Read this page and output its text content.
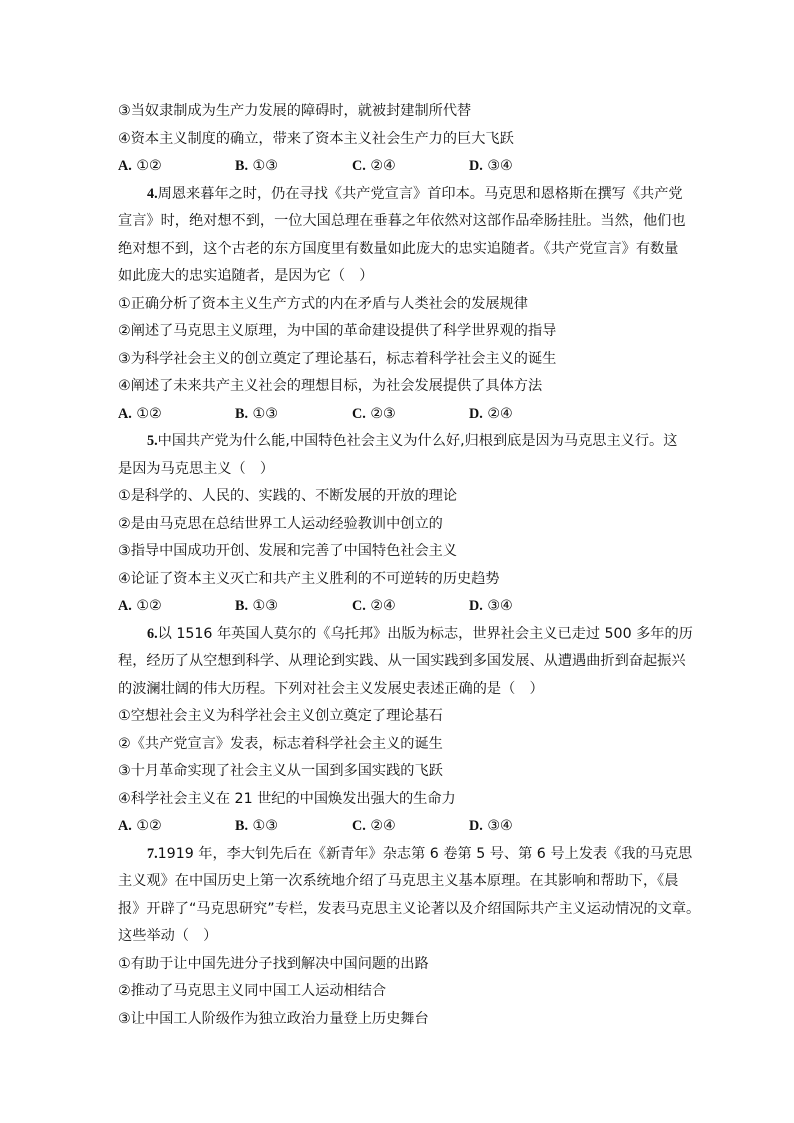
③当奴隶制成为生产力发展的障碍时，就被封建制所代替
④资本主义制度的确立，带来了资本主义社会生产力的巨大飞跃
A. ①②	B. ①③	C. ②④	D. ③④
4.周恩来暮年之时，仍在寻找《共产党宣言》首印本。马克思和恩格斯在撰写《共产党
宣言》时，绝对想不到，一位大国总理在垂暮之年依然对这部作品牵肠挂肚。当然，他们也
绝对想不到，这个古老的东方国度里有数量如此庞大的忠实追随者。《共产党宣言》有数量
如此庞大的忠实追随者，是因为它（　）
①正确分析了资本主义生产方式的内在矛盾与人类社会的发展规律
②阐述了马克思主义原理，为中国的革命建设提供了科学世界观的指导
③为科学社会主义的创立奠定了理论基石，标志着科学社会主义的诞生
④阐述了未来共产主义社会的理想目标，为社会发展提供了具体方法
A. ①②	B. ①③	C. ②③	D. ②④
5.中国共产党为什么能,中国特色社会主义为什么好,归根到底是因为马克思主义行。这
是因为马克思主义（　）
①是科学的、人民的、实践的、不断发展的开放的理论
②是由马克思在总结世界工人运动经验教训中创立的
③指导中国成功开创、发展和完善了中国特色社会主义
④论证了资本主义灭亡和共产主义胜利的不可逆转的历史趋势
A. ①②	B. ①③	C. ②④	D. ③④
6.以 1516 年英国人莫尔的《乌托邦》出版为标志，世界社会主义已走过 500 多年的历
程，经历了从空想到科学、从理论到实践、从一国实践到多国发展、从遭遇曲折到奋起振兴
的波澜壮阔的伟大历程。下列对社会主义发展史表述正确的是（　）
①空想社会主义为科学社会主义创立奠定了理论基石
②《共产党宣言》发表，标志着科学社会主义的诞生
③十月革命实现了社会主义从一国到多国实践的飞跃
④科学社会主义在 21 世纪的中国焕发出强大的生命力
A. ①②	B. ①③	C. ②④	D. ③④
7.1919 年，李大钊先后在《新青年》杂志第 6 卷第 5 号、第 6 号上发表《我的马克思
主义观》在中国历史上第一次系统地介绍了马克思主义基本原理。在其影响和帮助下，《晨
报》开辟了“马克思研究”专栏，发表马克思主义论著以及介绍国际共产主义运动情况的文章。
这些举动（　）
①有助于让中国先进分子找到解决中国问题的出路
②推动了马克思主义同中国工人运动相结合
③让中国工人阶级作为独立政治力量登上历史舞台
